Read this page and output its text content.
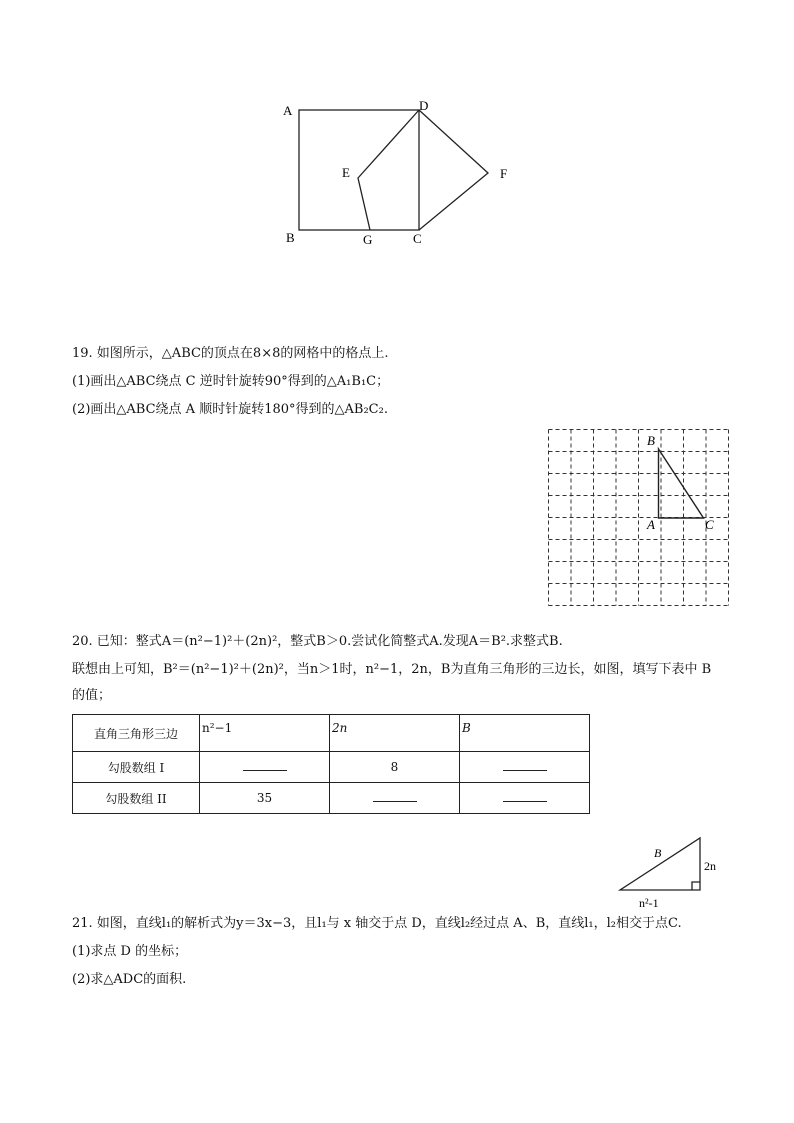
A
B	C
D
E	F
G
19. 如图所示，△ABC的顶点在8×8的网格中的格点上.
(1)画出△ABC绕点 C 逆时针旋转90°得到的△A₁B₁C；
(2)画出△ABC绕点 A 顺时针旋转180°得到的△AB₂C₂.
B
A	C
20. 已知：整式A＝(n²−1)²＋(2n)²，整式B＞0.尝试化简整式A.发现A＝B².求整式B.
联想由上可知，B²＝(n²−1)²＋(2n)²，当n＞1时，n²−1，2n，B为直角三角形的三边长，如图，填写下表中 B
的值；
直角三角形三边	n²−1	2n	B
勾股数组 I		8	
勾股数组 II	35		
B
2n
n²-1
21. 如图，直线l₁的解析式为y＝3x−3，且l₁与 x 轴交于点 D，直线l₂经过点 A、B，直线l₁，l₂相交于点C.
(1)求点 D 的坐标；
(2)求△ADC的面积.
